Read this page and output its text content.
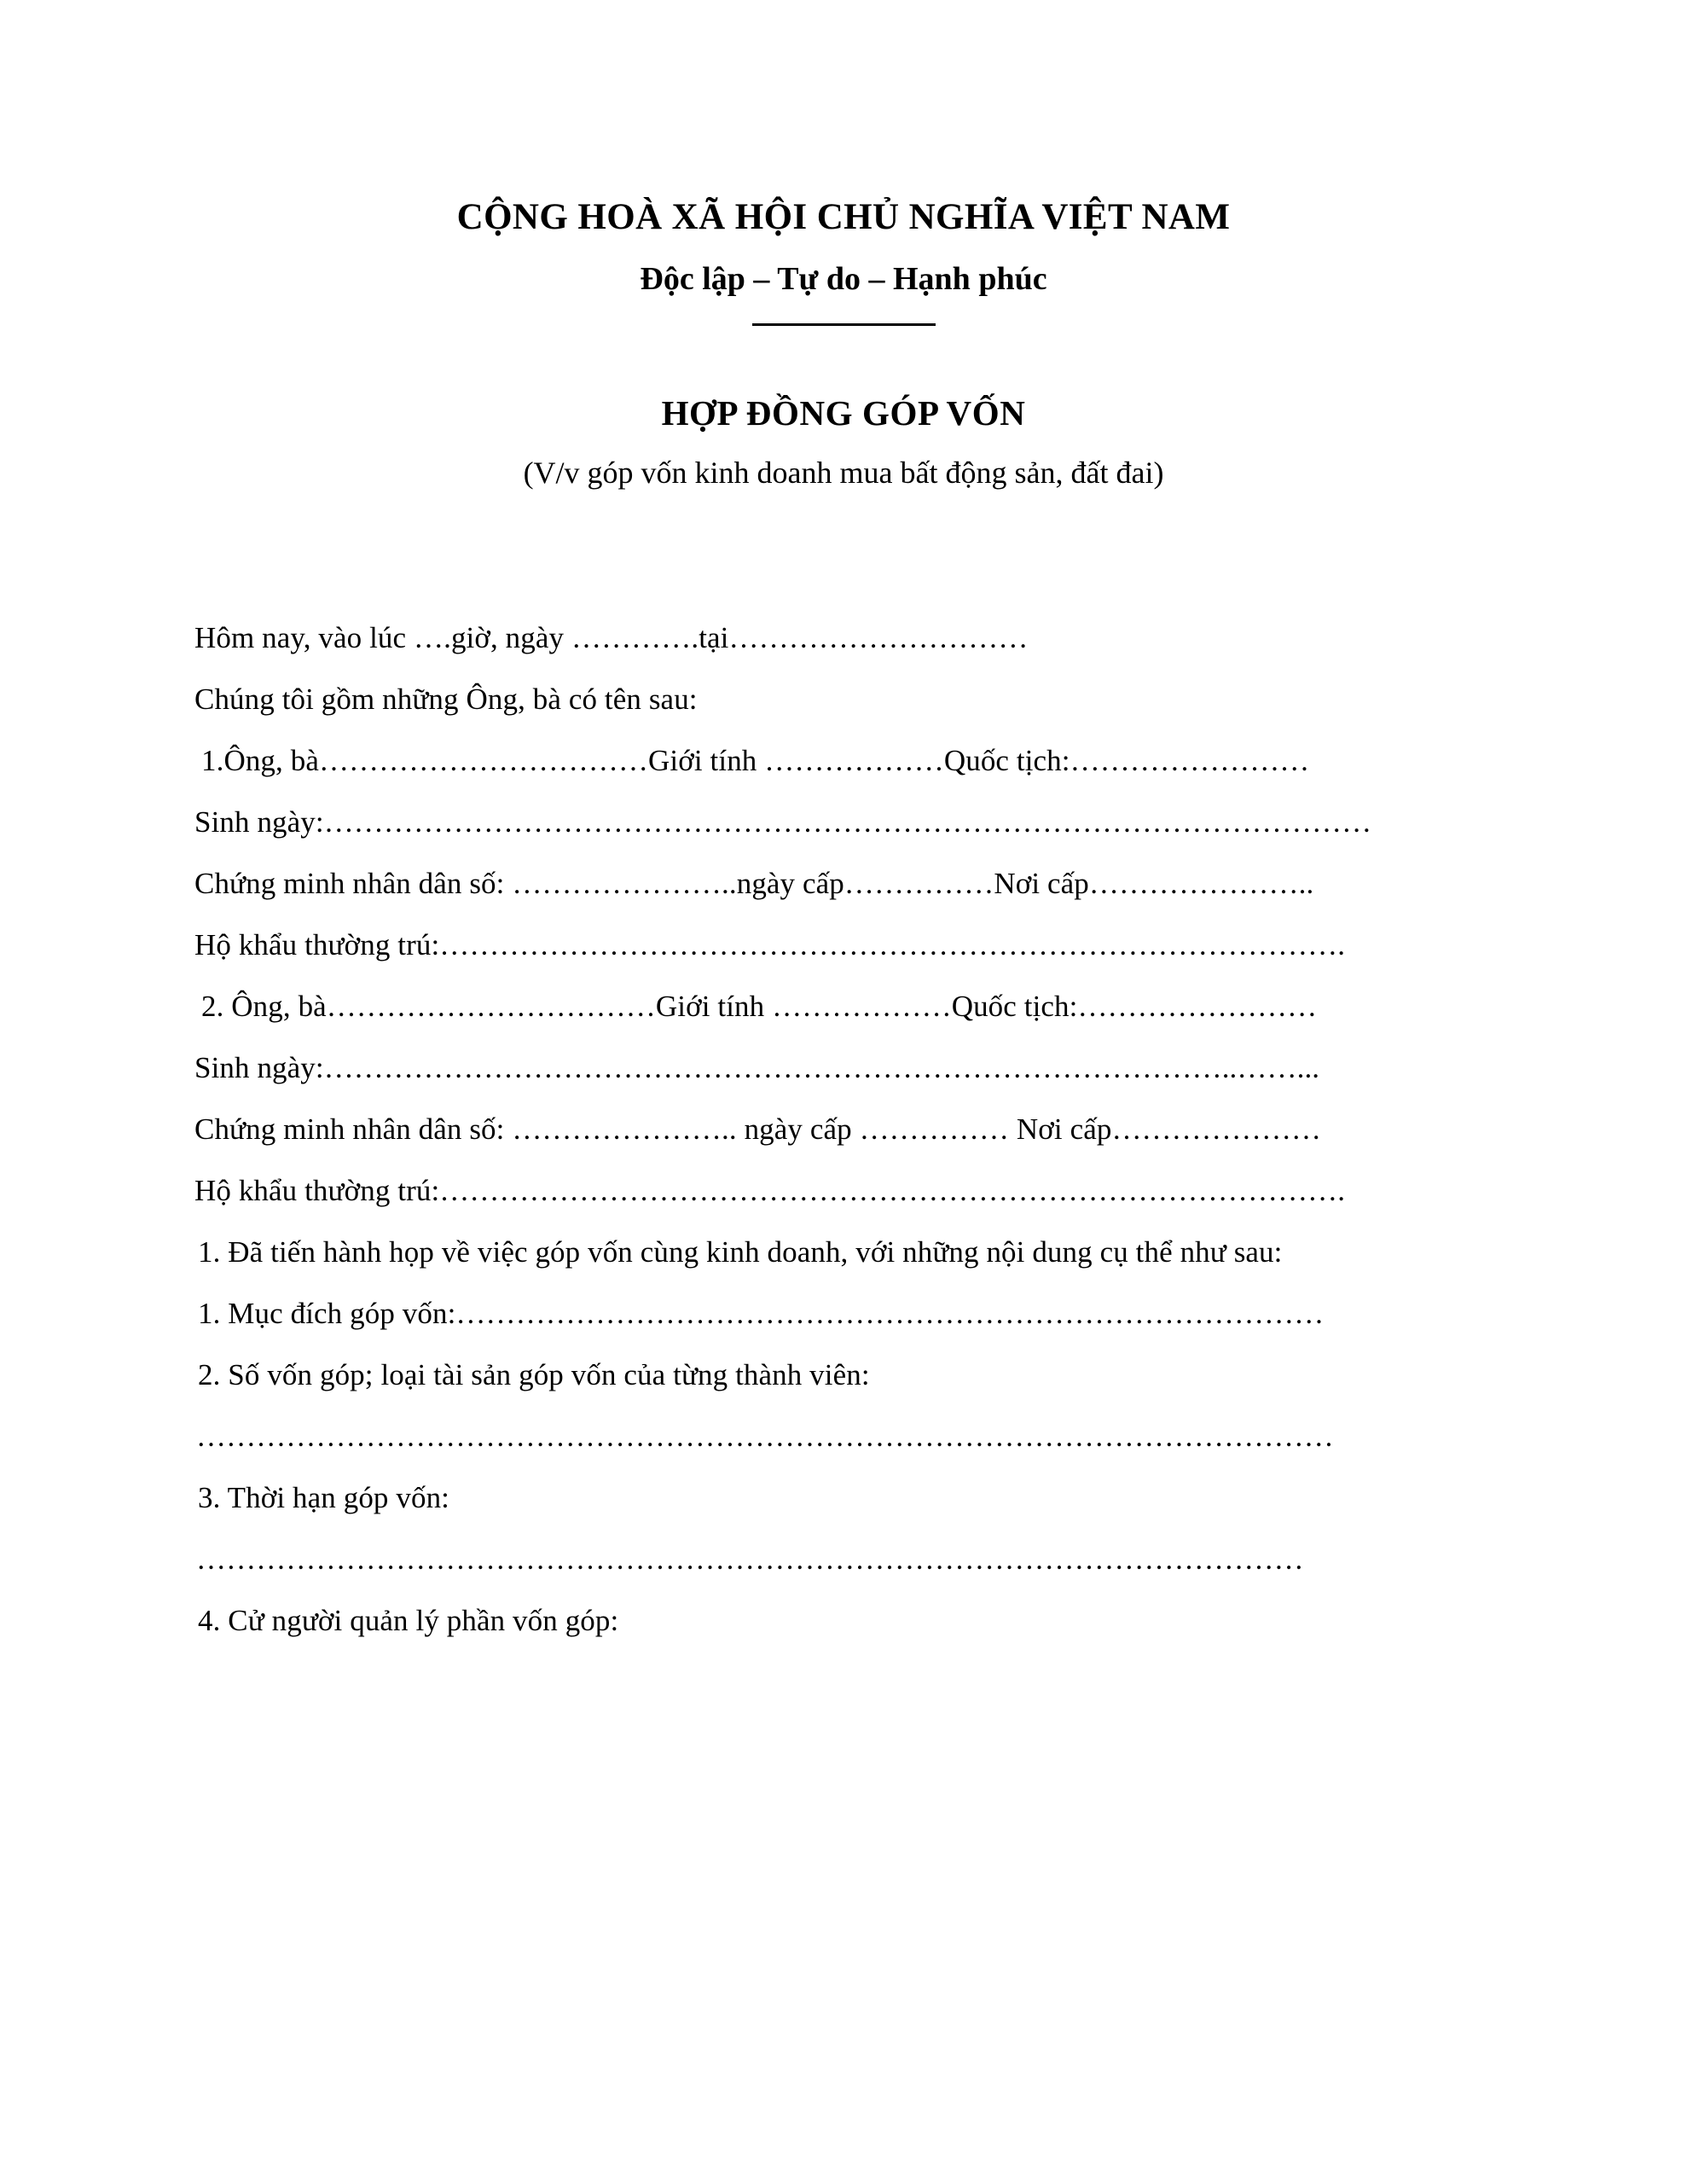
CỘNG HOÀ XÃ HỘI CHỦ NGHĨA VIỆT NAM
Độc lập – Tự do – Hạnh phúc
HỢP ĐỒNG GÓP VỐN
(V/v góp vốn kinh doanh mua bất động sản, đất đai)
Hôm nay, vào lúc ….giờ, ngày ………….tại…………………………
Chúng tôi gồm những Ông, bà có tên sau:
1.Ông, bà……………………………Giới tính ………………Quốc tịch:……………………
Sinh ngày:……………………………………………………………………………………………
Chứng minh nhân dân số: …………………..ngày cấp……………Nơi cấp…………………..
Hộ khẩu thường trú:……………………………………………………………………………….
2. Ông, bà……………………………Giới tính ………………Quốc tịch:……………………
Sinh ngày:………………………………………………………………………………..……...
Chứng minh nhân dân số: ………………….. ngày cấp …………… Nơi cấp…………………
Hộ khẩu thường trú:……………………………………………………………………………….
1. Đã tiến hành họp về việc góp vốn cùng kinh doanh, với những nội dung cụ thể như sau:
1. Mục đích góp vốn:……………………………………………………………………………
2. Số vốn góp; loại tài sản góp vốn của từng thành viên:
……………………………………………………………………………………………………
3. Thời hạn góp vốn:
…………………………………………………………………………………………………
4. Cử người quản lý phần vốn góp:
